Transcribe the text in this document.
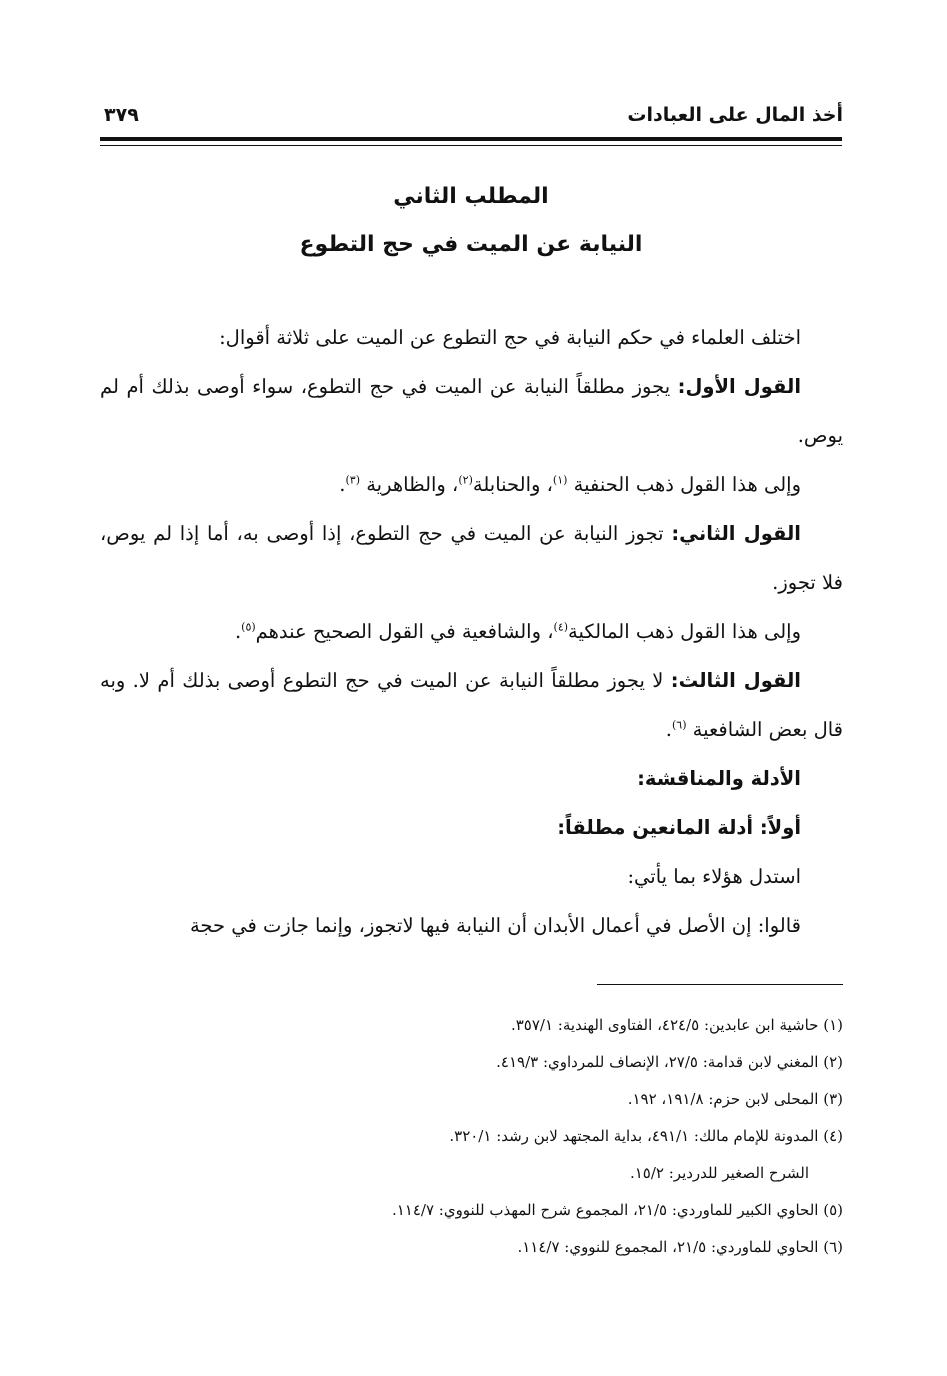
أخذ المال على العبادات
٣٧٩
المطلب الثاني
النيابة عن الميت في حج التطوع

اختلف العلماء في حكم النيابة في حج التطوع عن الميت على ثلاثة أقوال:

القول الأول: يجوز مطلقاً النيابة عن الميت في حج التطوع، سواء أوصى بذلك أم لم يوص.

وإلى هذا القول ذهب الحنفية $^{(١)}$، والحنابلة$^{(٢)}$، والظاهرية $^{(٣)}$.

القول الثاني: تجوز النيابة عن الميت في حج التطوع، إذا أوصى به، أما إذا لم يوص، فلا تجوز.

وإلى هذا القول ذهب المالكية$^{(٤)}$، والشافعية في القول الصحيح عندهم$^{(٥)}$.

القول الثالث: لا يجوز مطلقاً النيابة عن الميت في حج التطوع أوصى بذلك أم لا. وبه قال بعض الشافعية $^{(٦)}$.

الأدلة والمناقشة:

أولاً: أدلة المانعين مطلقاً:

استدل هؤلاء بما يأتي:

قالوا: إن الأصل في أعمال الأبدان أن النيابة فيها لاتجوز، وإنما جازت في حجة

(١) حاشية ابن عابدين: ٤٢٤/٥، الفتاوى الهندية: ٣٥٧/١.
(٢) المغني لابن قدامة: ٢٧/٥، الإنصاف للمرداوي: ٤١٩/٣.
(٣) المحلى لابن حزم: ١٩١/٨، ١٩٢.
(٤) المدونة للإمام مالك: ٤٩١/١، بداية المجتهد لابن رشد: ٣٢٠/١.
الشرح الصغير للدردير: ١٥/٢.
(٥) الحاوي الكبير للماوردي: ٢١/٥، المجموع شرح المهذب للنووي: ١١٤/٧.
(٦) الحاوي للماوردي: ٢١/٥، المجموع للنووي: ١١٤/٧.
